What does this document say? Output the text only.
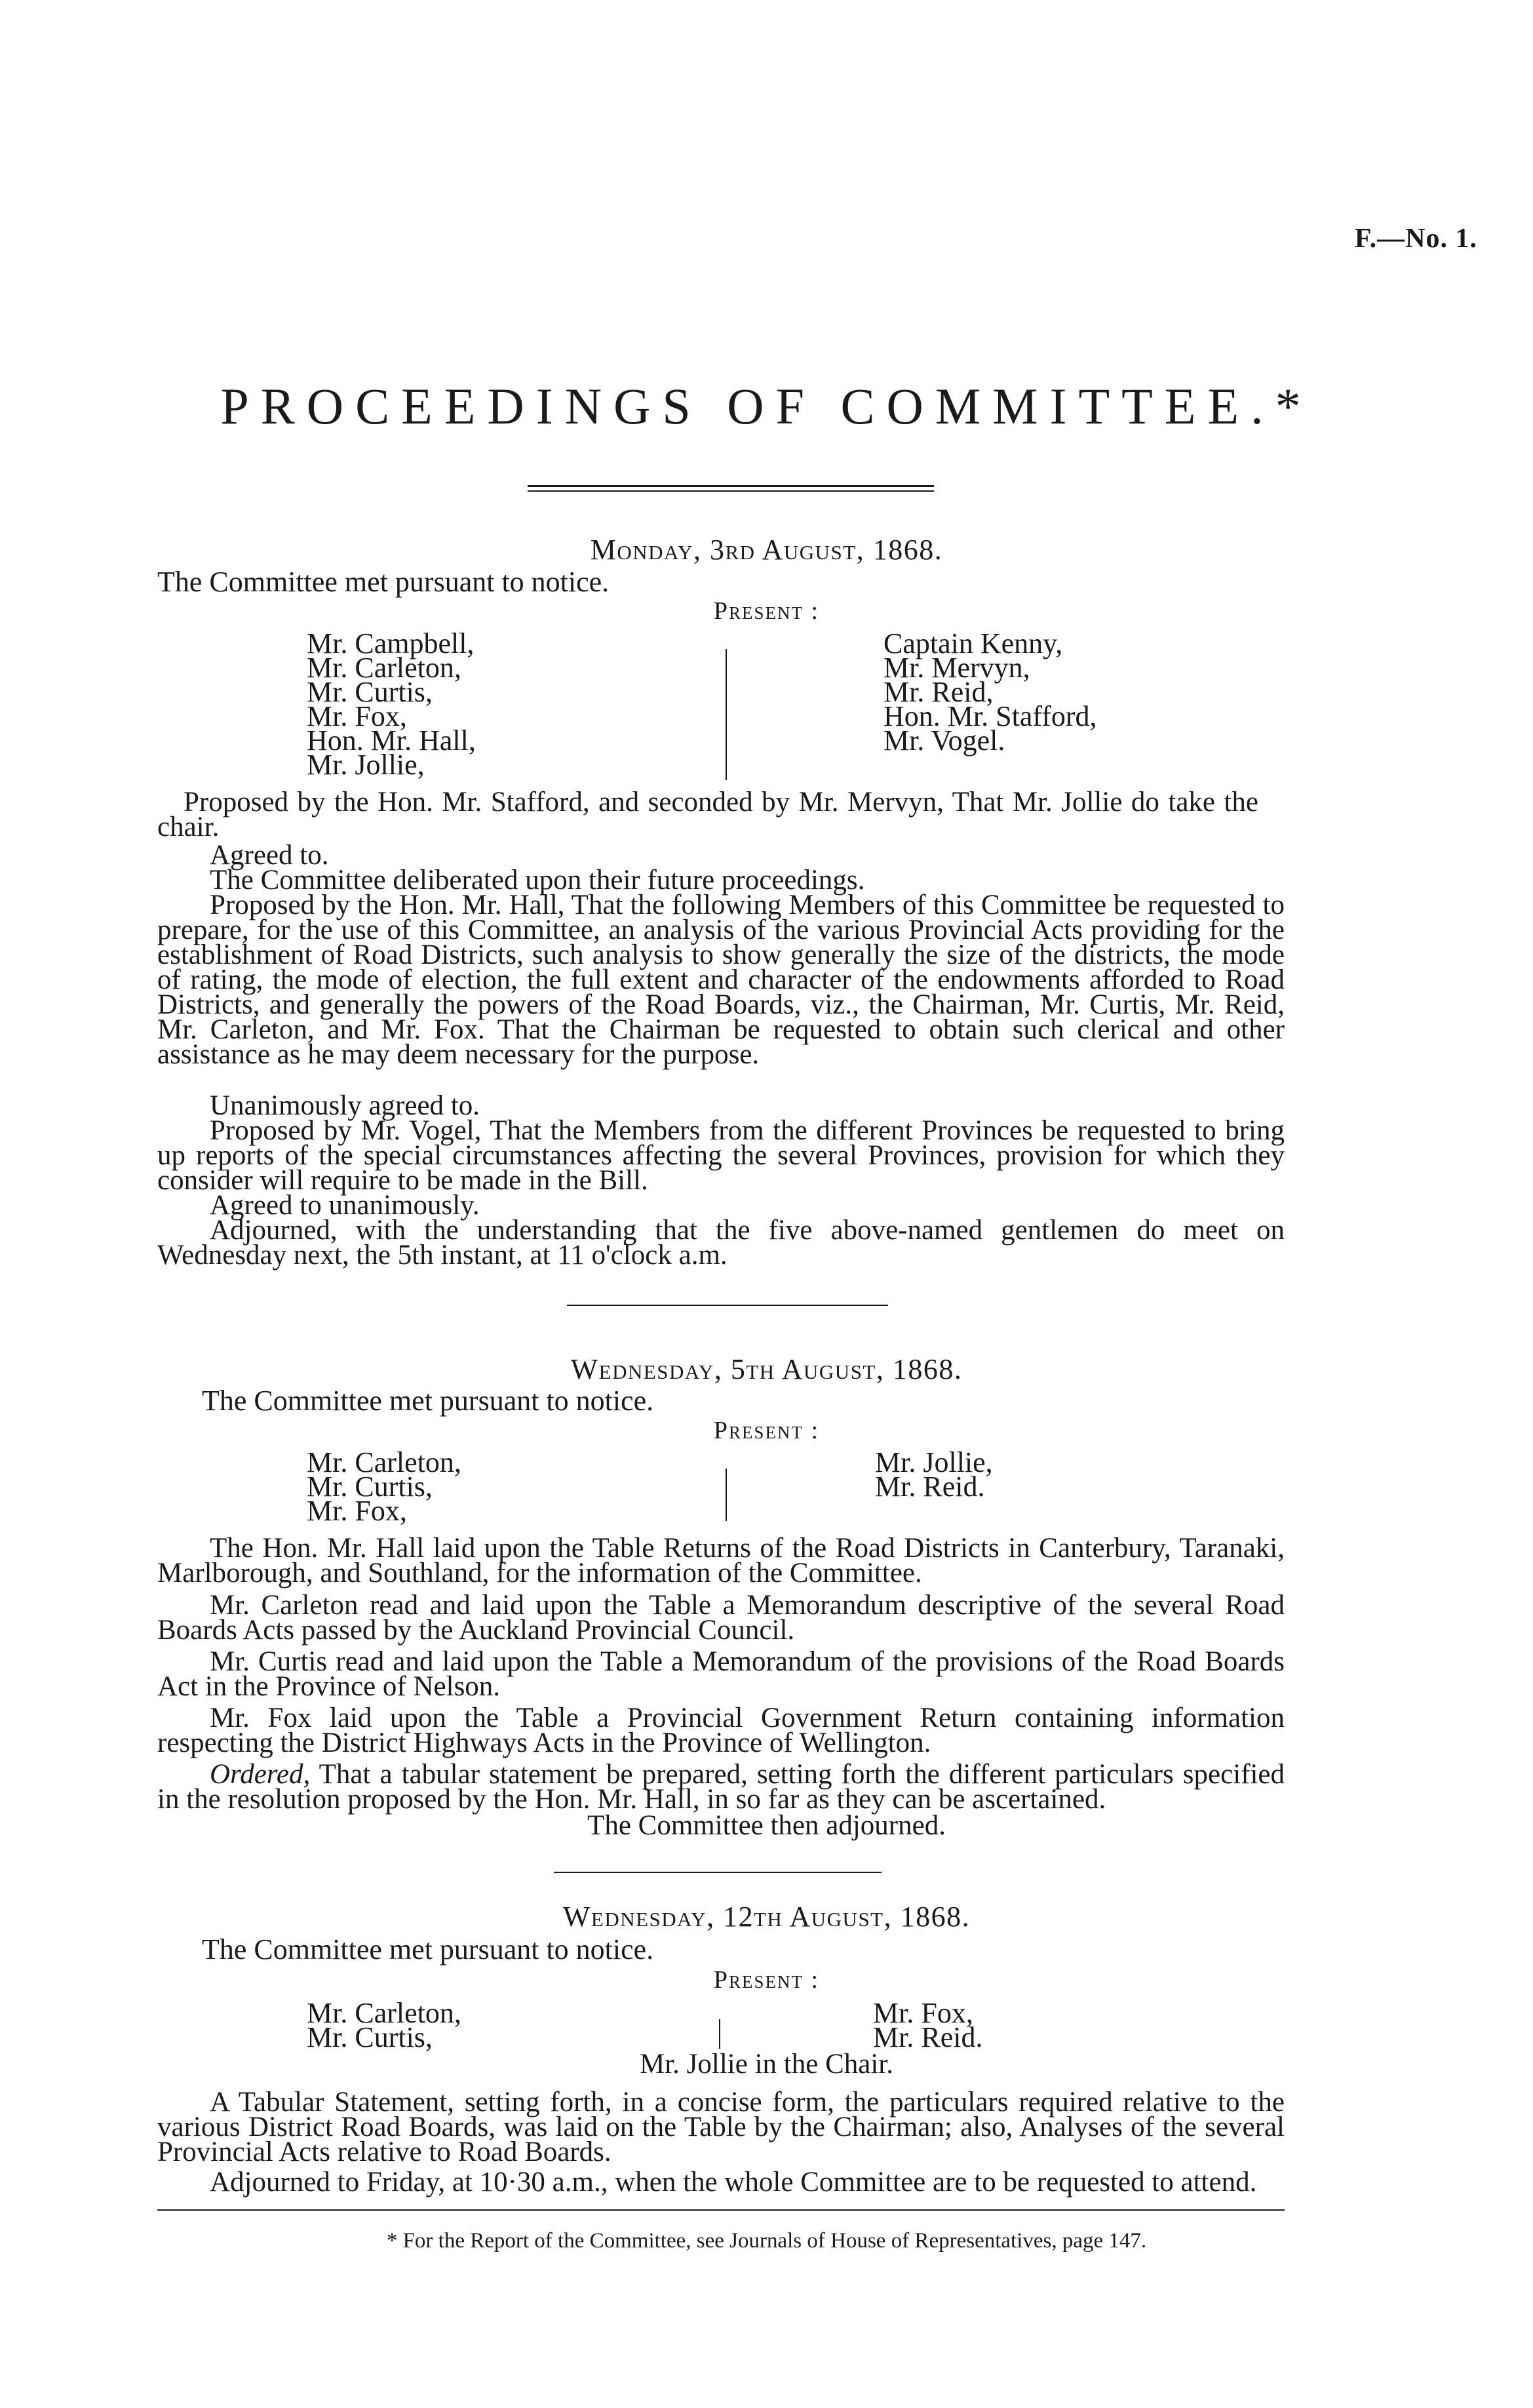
F.—No. 1.
PROCEEDINGS OF COMMITTEE.*
Monday, 3rd August, 1868.
The Committee met pursuant to notice.
Present :
Mr. Campbell,
Mr. Carleton,
Mr. Curtis,
Mr. Fox,
Hon. Mr. Hall,
Mr. Jollie,
Captain Kenny,
Mr. Mervyn,
Mr. Reid,
Hon. Mr. Stafford,
Mr. Vogel.
Proposed by the Hon. Mr. Stafford, and seconded by Mr. Mervyn, That Mr. Jollie do take the chair.
Agreed to.
The Committee deliberated upon their future proceedings.
Proposed by the Hon. Mr. Hall, That the following Members of this Committee be requested to prepare, for the use of this Committee, an analysis of the various Provincial Acts providing for the establishment of Road Districts, such analysis to show generally the size of the districts, the mode of rating, the mode of election, the full extent and character of the endowments afforded to Road Districts, and generally the powers of the Road Boards, viz., the Chairman, Mr. Curtis, Mr. Reid, Mr. Carleton, and Mr. Fox. That the Chairman be requested to obtain such clerical and other assistance as he may deem necessary for the purpose.
Unanimously agreed to.
Proposed by Mr. Vogel, That the Members from the different Provinces be requested to bring up reports of the special circumstances affecting the several Provinces, provision for which they consider will require to be made in the Bill.
Agreed to unanimously.
Adjourned, with the understanding that the five above-named gentlemen do meet on Wednesday next, the 5th instant, at 11 o'clock a.m.
Wednesday, 5th August, 1868.
The Committee met pursuant to notice.
Present :
Mr. Carleton,
Mr. Curtis,
Mr. Fox,
Mr. Jollie,
Mr. Reid.
The Hon. Mr. Hall laid upon the Table Returns of the Road Districts in Canterbury, Taranaki, Marlborough, and Southland, for the information of the Committee.
Mr. Carleton read and laid upon the Table a Memorandum descriptive of the several Road Boards Acts passed by the Auckland Provincial Council.
Mr. Curtis read and laid upon the Table a Memorandum of the provisions of the Road Boards Act in the Province of Nelson.
Mr. Fox laid upon the Table a Provincial Government Return containing information respecting the District Highways Acts in the Province of Wellington.
Ordered, That a tabular statement be prepared, setting forth the different particulars specified in the resolution proposed by the Hon. Mr. Hall, in so far as they can be ascertained.
The Committee then adjourned.
Wednesday, 12th August, 1868.
The Committee met pursuant to notice.
Present :
Mr. Carleton,
Mr. Curtis,
Mr. Fox,
Mr. Reid.
Mr. Jollie in the Chair.
A Tabular Statement, setting forth, in a concise form, the particulars required relative to the various District Road Boards, was laid on the Table by the Chairman; also, Analyses of the several Provincial Acts relative to Road Boards.
Adjourned to Friday, at 10·30 a.m., when the whole Committee are to be requested to attend.
* For the Report of the Committee, see Journals of House of Representatives, page 147.
